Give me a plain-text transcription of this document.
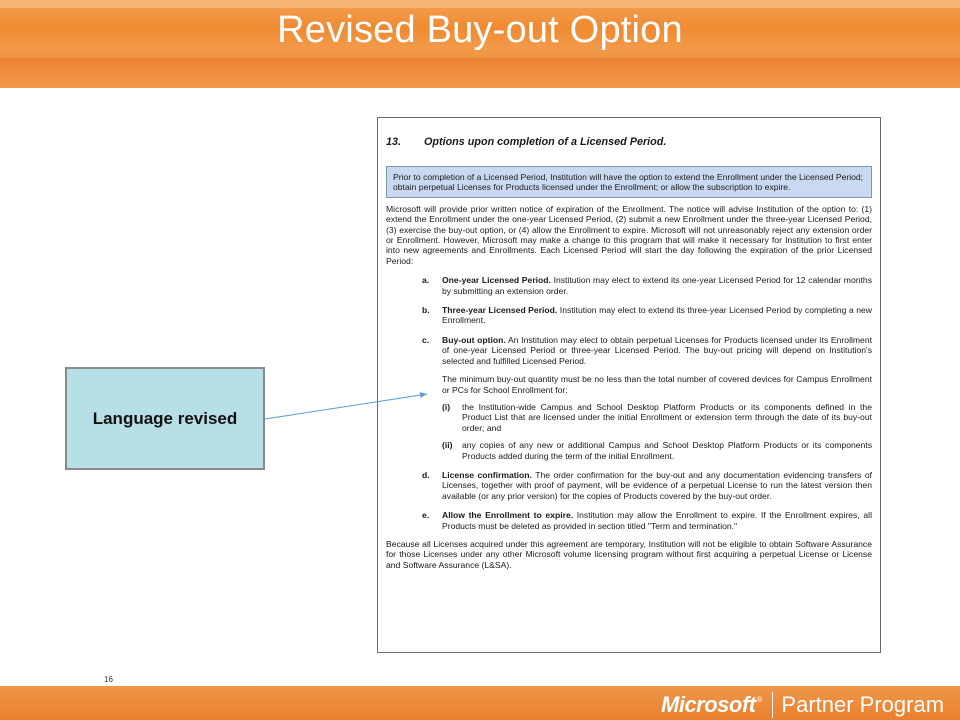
Revised Buy-out Option
13. Options upon completion of a Licensed Period.
Prior to completion of a Licensed Period, Institution will have the option to extend the Enrollment under the Licensed Period; obtain perpetual Licenses for Products licensed under the Enrollment; or allow the subscription to expire.

Microsoft will provide prior written notice of expiration of the Enrollment. The notice will advise Institution of the option to: (1) extend the Enrollment under the one-year Licensed Period, (2) submit a new Enrollment under the three-year Licensed Period, (3) exercise the buy-out option, or (4) allow the Enrollment to expire. Microsoft will not unreasonably reject any extension order or Enrollment. However, Microsoft may make a change to this program that will make it necessary for Institution to first enter into new agreements and Enrollments. Each Licensed Period will start the day following the expiration of the prior Licensed Period:

a. One-year Licensed Period. Institution may elect to extend its one-year Licensed Period for 12 calendar months by submitting an extension order.
b. Three-year Licensed Period. Institution may elect to extend its three-year Licensed Period by completing a new Enrollment.
c. Buy-out option. An Institution may elect to obtain perpetual Licenses for Products licensed under its Enrollment of one-year Licensed Period or three-year Licensed Period. The buy-out pricing will depend on Institution's selected and fulfilled Licensed Period.

The minimum buy-out quantity must be no less than the total number of covered devices for Campus Enrollment or PCs for School Enrollment for:

(i) the Institution-wide Campus and School Desktop Platform Products or its components defined in the Product List that are licensed under the initial Enrollment or extension term through the date of its buy-out order; and
(ii) any copies of any new or additional Campus and School Desktop Platform Products or its components Products added during the term of the initial Enrollment.
d. License confirmation. The order confirmation for the buy-out and any documentation evidencing transfers of Licenses, together with proof of payment, will be evidence of a perpetual License to run the latest version then available (or any prior version) for the copies of Products covered by the buy-out order.
e. Allow the Enrollment to expire. Institution may allow the Enrollment to expire. If the Enrollment expires, all Products must be deleted as provided in section titled "Term and termination."

Because all Licenses acquired under this agreement are temporary, Institution will not be eligible to obtain Software Assurance for those Licenses under any other Microsoft volume licensing program without first acquiring a perpetual License or License and Software Assurance (L&SA).

Language revised
16
Microsoft ® Partner Program
